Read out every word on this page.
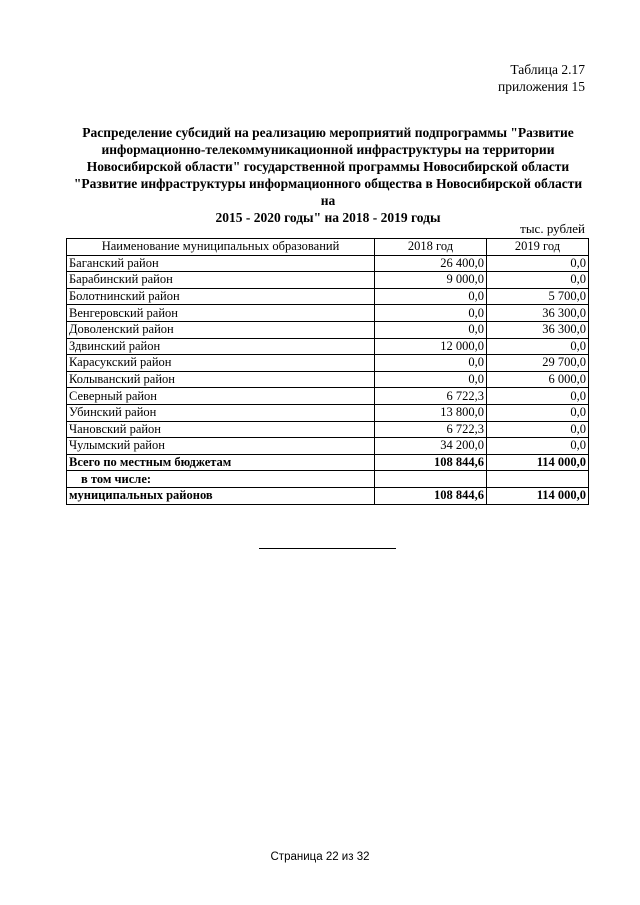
Таблица 2.17
приложения 15
Распределение субсидий на реализацию мероприятий подпрограммы "Развитие
информационно-телекоммуникационной инфраструктуры на территории
Новосибирской области" государственной программы Новосибирской области
"Развитие инфраструктуры информационного общества в Новосибирской области на
2015 - 2020 годы" на 2018 - 2019 годы
тыс. рублей
Наименование муниципальных образований	2018 год	2019 год
Баганский район	26 400,0	0,0
Барабинский район	9 000,0	0,0
Болотнинский район	0,0	5 700,0
Венгеровский район	0,0	36 300,0
Доволенский район	0,0	36 300,0
Здвинский район	12 000,0	0,0
Карасукский район	0,0	29 700,0
Колыванский район	0,0	6 000,0
Северный район	6 722,3	0,0
Убинский район	13 800,0	0,0
Чановский район	6 722,3	0,0
Чулымский район	34 200,0	0,0
Всего по местным бюджетам	108 844,6	114 000,0
в том числе:		
муниципальных районов	108 844,6	114 000,0
Страница 22 из 32
